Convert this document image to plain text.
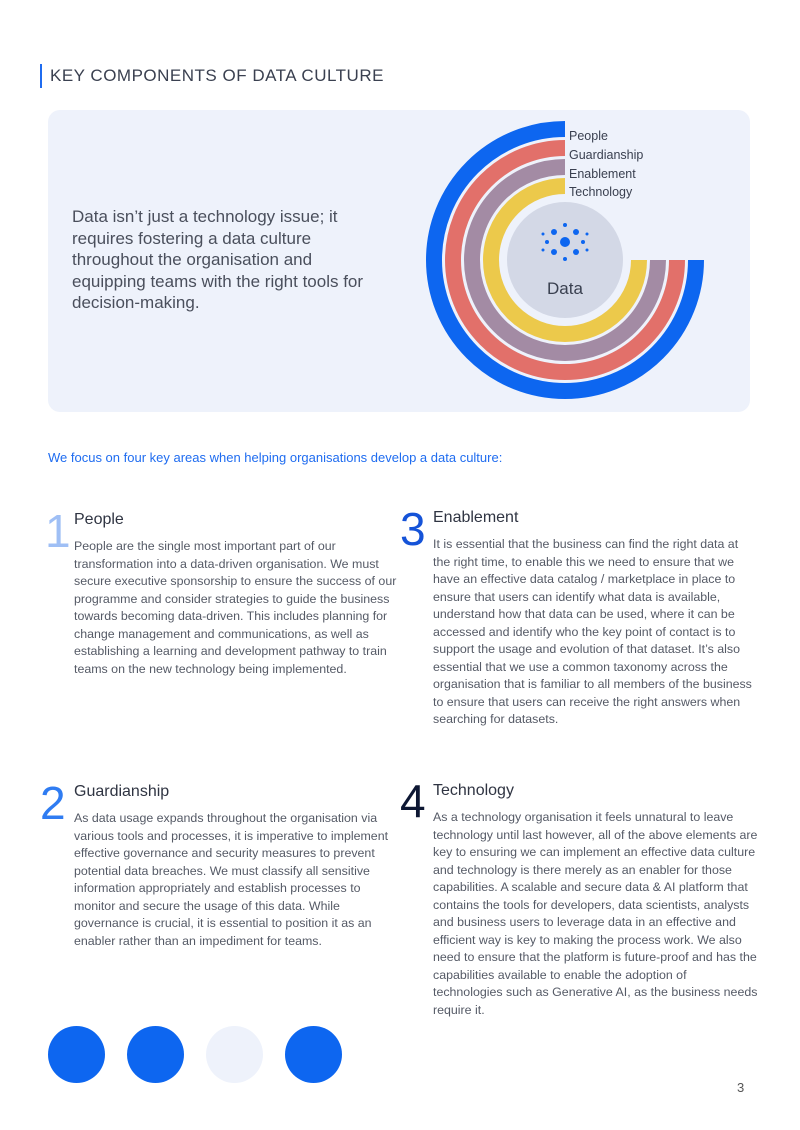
KEY COMPONENTS OF DATA CULTURE

Data isn’t just a technology issue; it requires fostering a data culture throughout the organisation and equipping teams with the right tools for decision-making.

Data
People
Guardianship
Enablement
Technology
We focus on four key areas when helping organisations develop a data culture:
1 People

People are the single most important part of our transformation into a data-driven organisation. We must secure executive sponsorship to ensure the success of our programme and consider strategies to guide the business towards becoming data-driven. This includes planning for change management and communications, as well as establishing a learning and development pathway to train teams on the new technology being implemented.

2 Guardianship

As data usage expands throughout the organisation via various tools and processes, it is imperative to implement effective governance and security measures to prevent potential data breaches. We must classify all sensitive information appropriately and establish processes to monitor and secure the usage of this data. While governance is crucial, it is essential to position it as an enabler rather than an impediment for teams.

3 Enablement

It is essential that the business can find the right data at the right time, to enable this we need to ensure that we have an effective data catalog / marketplace in place to ensure that users can identify what data is available, understand how that data can be used, where it can be accessed and identify who the key point of contact is to support the usage and evolution of that dataset. It’s also essential that we use a common taxonomy across the organisation that is familiar to all members of the business to ensure that users can receive the right answers when searching for datasets.

4 Technology

As a technology organisation it feels unnatural to leave technology until last however, all of the above elements are key to ensuring we can implement an effective data culture and technology is there merely as an enabler for those capabilities. A scalable and secure data & AI platform that contains the tools for developers, data scientists, analysts and business users to leverage data in an effective and efficient way is key to making the process work. We also need to ensure that the platform is future-proof and has the capabilities available to enable the adoption of technologies such as Generative AI, as the business needs require it.

3
